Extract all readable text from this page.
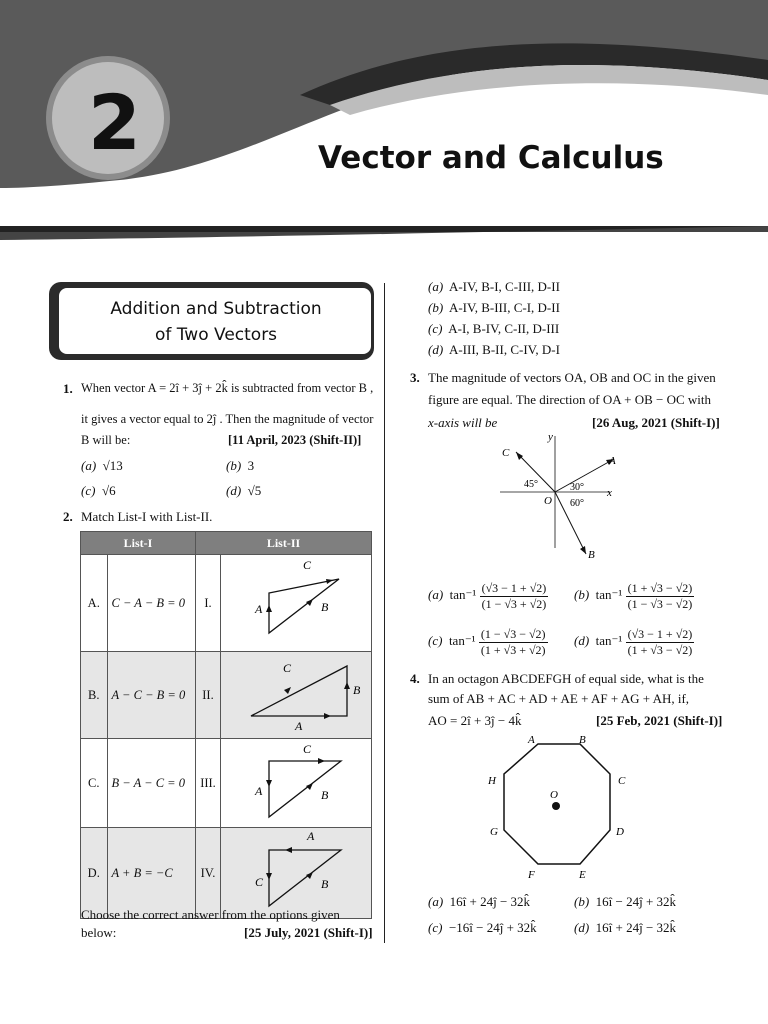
2	Vector and Calculus
Addition and Subtraction
of Two Vectors
1. When vector A = 2î + 3ĵ + 2k̂ is subtracted from vector B ,
it gives a vector equal to 2ĵ . Then the magnitude of vector
B will be:	[11 April, 2023 (Shift-II)]
(a) √13	(b) 3
(c) √6	(d) √5
2. Match List-I with List-II.
List-I		List-II	
A.	C − A − B = 0	I.	C
A B

B.	A − C − B = 0	II.	C
B
A

C.	B − A − C = 0	III.	C
A B

D.	A + B = −C	IV.	A
C B
Choose the correct answer from the options given
below:	[25 July, 2021 (Shift-I)]
(a) A-IV, B-I, C-III, D-II
(b) A-IV, B-III, C-I, D-II
(c) A-I, B-IV, C-II, D-III
(d) A-III, B-II, C-IV, D-I
3. The magnitude of vectors OA, OB and OC in the given
figure are equal. The direction of OA + OB − OC with
x-axis will be	[26 Aug, 2021 (Shift-I)]
y
x
O
A
B
C
45°	30°
60°
(a) $\tan^{-1} \frac{(√3 - 1 + √2)}{(1 - √3 + √2)} (b)$ $\tan^{-1} \frac{(1 + √3 - √2)}{(1 - √3 - √2)}$
(c) $\tan^{-1} \frac{(1 - √3 - √2)}{(1 + √3 + √2)} (d)$ $\tan^{-1} \frac{(√3 - 1 + √2)}{(1 + √3 - √2)}$
4. In an octagon ABCDEFGH of equal side, what is the
sum of AB + AC + AD + AE + AF + AG + AH, if,
AO = 2î + 3ĵ − 4k̂	[25 Feb, 2021 (Shift-I)]
A	B
C
D
E
F
G
H
O
(a) 16î + 24ĵ − 32k̂	(b) 16î − 24ĵ + 32k̂
(c) −16î − 24ĵ + 32k̂	(d) 16î + 24ĵ − 32k̂
